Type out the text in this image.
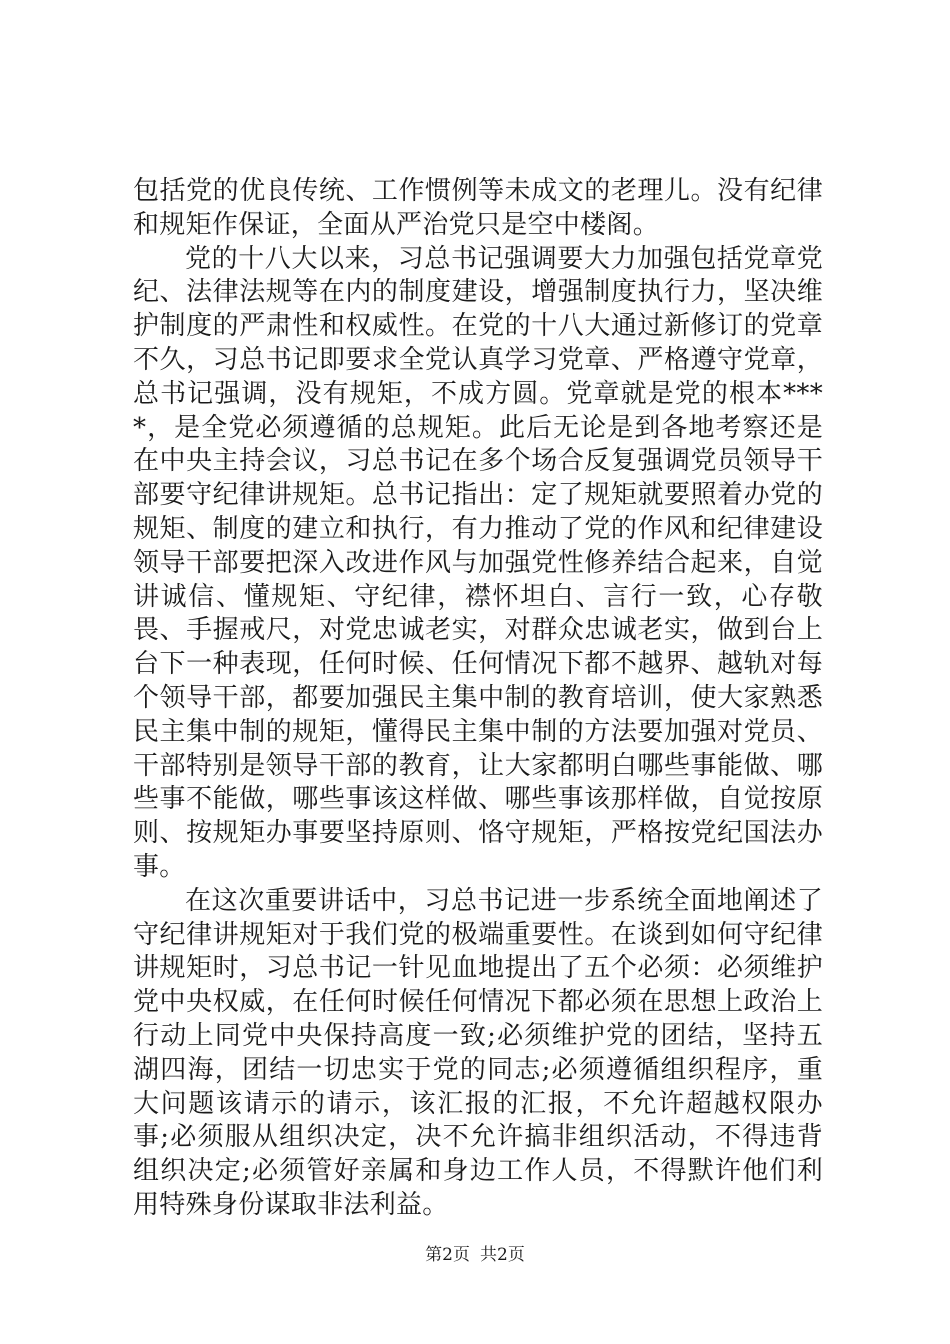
包括党的优良传统、工作惯例等未成文的老理儿。没有纪律和规矩作保证，全面从严治党只是空中楼阁。

党的十八大以来，习总书记强调要大力加强包括党章党纪、法律法规等在内的制度建设，增强制度执行力，坚决维护制度的严肃性和权威性。在党的十八大通过新修订的党章不久，习总书记即要求全党认真学习党章、严格遵守党章，总书记强调，没有规矩，不成方圆。党章就是党的根本****，是全党必须遵循的总规矩。此后无论是到各地考察还是在中央主持会议，习总书记在多个场合反复强调党员领导干部要守纪律讲规矩。总书记指出：定了规矩就要照着办党的规矩、制度的建立和执行，有力推动了党的作风和纪律建设领导干部要把深入改进作风与加强党性修养结合起来，自觉讲诚信、懂规矩、守纪律，襟怀坦白、言行一致，心存敬畏、手握戒尺，对党忠诚老实，对群众忠诚老实，做到台上台下一种表现，任何时候、任何情况下都不越界、越轨对每个领导干部，都要加强民主集中制的教育培训，使大家熟悉民主集中制的规矩，懂得民主集中制的方法要加强对党员、干部特别是领导干部的教育，让大家都明白哪些事能做、哪些事不能做，哪些事该这样做、哪些事该那样做，自觉按原则、按规矩办事要坚持原则、恪守规矩，严格按党纪国法办事。

在这次重要讲话中，习总书记进一步系统全面地阐述了守纪律讲规矩对于我们党的极端重要性。在谈到如何守纪律讲规矩时，习总书记一针见血地提出了五个必须：必须维护党中央权威，在任何时候任何情况下都必须在思想上政治上行动上同党中央保持高度一致;必须维护党的团结，坚持五湖四海，团结一切忠实于党的同志;必须遵循组织程序，重大问题该请示的请示，该汇报的汇报，不允许超越权限办事;必须服从组织决定，决不允许搞非组织活动，不得违背组织决定;必须管好亲属和身边工作人员，不得默许他们利用特殊身份谋取非法利益。

第2页 共2页
